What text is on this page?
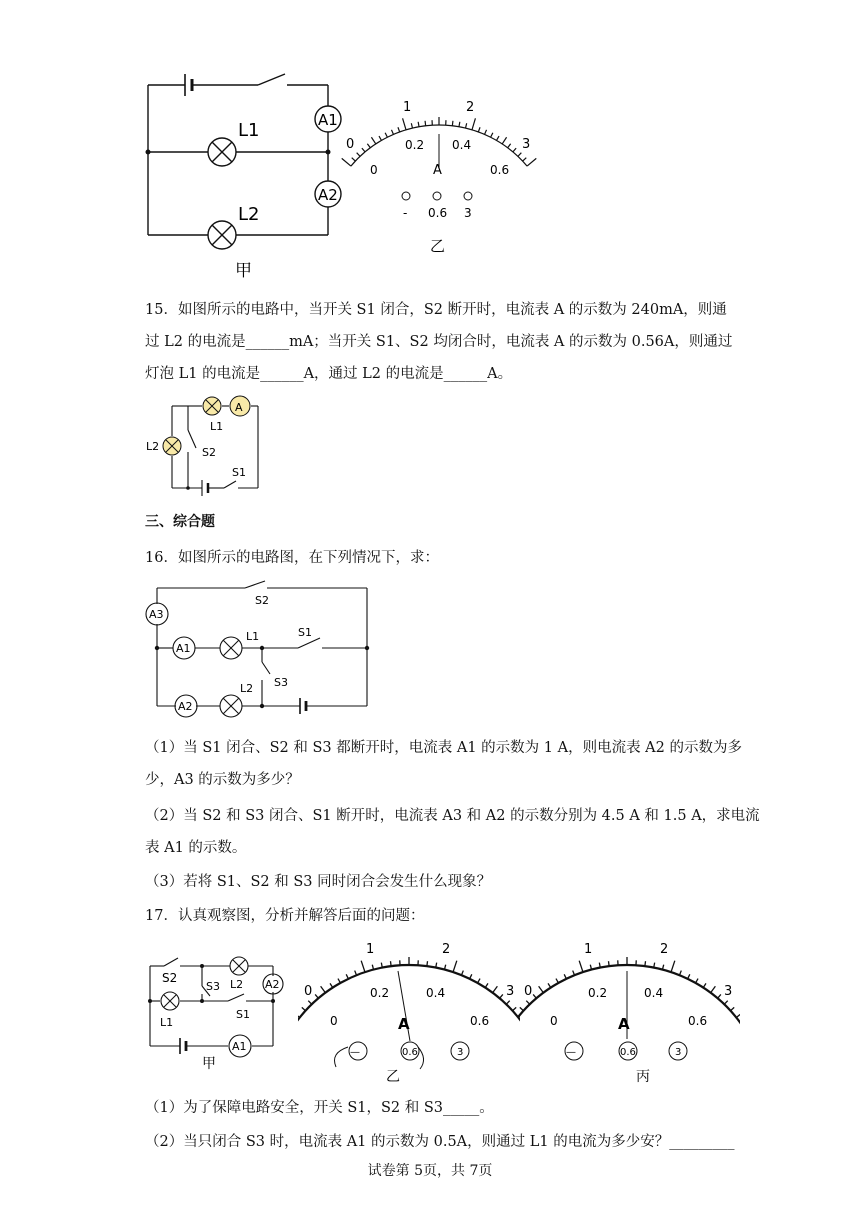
L1
L2
A1
A2
甲
0
1	2
3
0
0.2 0.4
0.6
A
- 0.6 3
乙
15．如图所示的电路中，当开关 S1 闭合，S2 断开时，电流表 A 的示数为 240mA，则通
过 L2 的电流是______mA；当开关 S1、S2 均闭合时，电流表 A 的示数为 0.56A，则通过
灯泡 L1 的电流是______A，通过 L2 的电流是______A。
A
L1
L2	S2
S1
三、综合题
16．如图所示的电路图，在下列情况下，求：
A3
A1
A2
L1
L2
S2
S1
S3
（1）当 S1 闭合、S2 和 S3 都断开时，电流表 A1 的示数为 1 A，则电流表 A2 的示数为多
少，A3 的示数为多少？
（2）当 S2 和 S3 闭合、S1 断开时，电流表 A3 和 A2 的示数分别为 4.5 A 和 1.5 A，求电流
表 A1 的示数。
（3）若将 S1、S2 和 S3 同时闭合会发生什么现象？
17．认真观察图，分析并解答后面的问题：
S2
S3 L2
S1
L1
A2
A1
甲
0
1	2
3
0
0.2	0.4
0.6
A
—	0.6	3
乙
0
1	2
3
0
0.2	0.4
0.6
A
—	0.6	3
丙
（1）为了保障电路安全，开关 S1，S2 和 S3_____。
（2）当只闭合 S3 时，电流表 A1 的示数为 0.5A，则通过 L1 的电流为多少安？_________
试卷第 5页，共 7页
